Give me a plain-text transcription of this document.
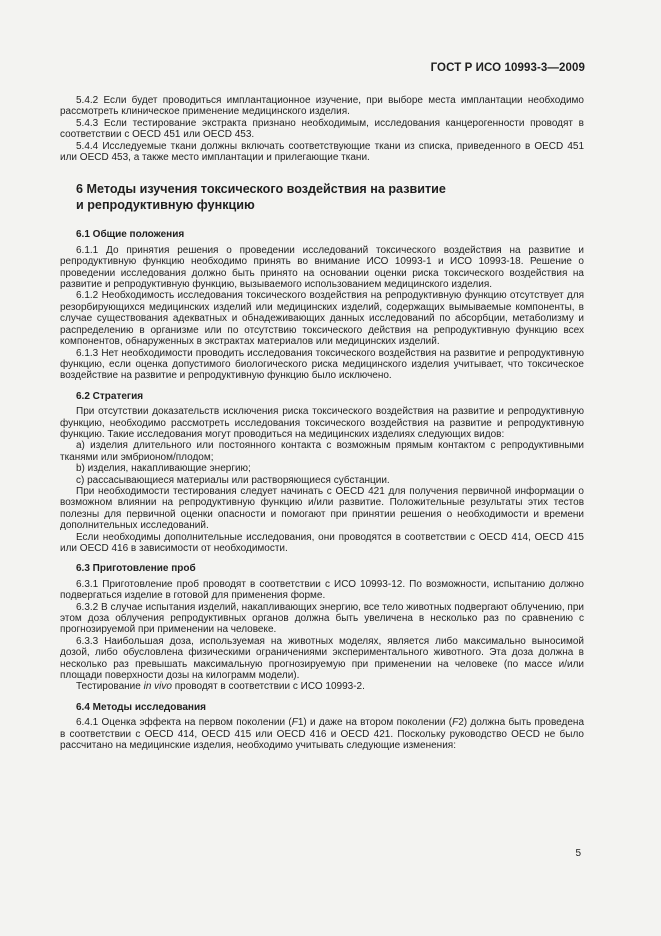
ГОСТ Р ИСО 10993-3—2009

5.4.2 Если будет проводиться имплантационное изучение, при выборе места имплантации необходимо рассмотреть клиническое применение медицинского изделия.

5.4.3 Если тестирование экстракта признано необходимым, исследования канцерогенности проводят в соответствии с OECD 451 или OECD 453.

5.4.4 Исследуемые ткани должны включать соответствующие ткани из списка, приведенного в OECD 451 или OECD 453, а также место имплантации и прилегающие ткани.

6 Методы изучения токсического воздействия на развитие
и репродуктивную функцию

6.1 Общие положения

6.1.1 До принятия решения о проведении исследований токсического воздействия на развитие и репродуктивную функцию необходимо принять во внимание ИСО 10993-1 и ИСО 10993-18. Решение о проведении исследования должно быть принято на основании оценки риска токсического воздействия на развитие и репродуктивную функцию, вызываемого использованием медицинского изделия.

6.1.2 Необходимость исследования токсического воздействия на репродуктивную функцию отсутствует для резорбирующихся медицинских изделий или медицинских изделий, содержащих вымываемые компоненты, в случае существования адекватных и обнадеживающих данных исследований по абсорбции, метаболизму и распределению в организме или по отсутствию токсического действия на репродуктивную функцию всех компонентов, обнаруженных в экстрактах материалов или медицинских изделий.

6.1.3 Нет необходимости проводить исследования токсического воздействия на развитие и репродуктивную функцию, если оценка допустимого биологического риска медицинского изделия учитывает, что токсическое воздействие на развитие и репродуктивную функцию было исключено.

6.2 Стратегия

При отсутствии доказательств исключения риска токсического воздействия на развитие и репродуктивную функцию, необходимо рассмотреть исследования токсического воздействия на развитие и репродуктивную функцию. Такие исследования могут проводиться на медицинских изделиях следующих видов:

a) изделия длительного или постоянного контакта с возможным прямым контактом с репродуктивными тканями или эмбрионом/плодом;

b) изделия, накапливающие энергию;

c) рассасывающиеся материалы или растворяющиеся субстанции.

При необходимости тестирования следует начинать с OECD 421 для получения первичной информации о возможном влиянии на репродуктивную функцию и/или развитие. Положительные результаты этих тестов полезны для первичной оценки опасности и помогают при принятии решения о необходимости и времени дополнительных исследований.

Если необходимы дополнительные исследования, они проводятся в соответствии с OECD 414, OECD 415 или OECD 416 в зависимости от необходимости.

6.3 Приготовление проб

6.3.1 Приготовление проб проводят в соответствии с ИСО 10993-12. По возможности, испытанию должно подвергаться изделие в готовой для применения форме.

6.3.2 В случае испытания изделий, накапливающих энергию, все тело животных подвергают облучению, при этом доза облучения репродуктивных органов должна быть увеличена в несколько раз по сравнению с прогнозируемой при применении на человеке.

6.3.3 Наибольшая доза, используемая на животных моделях, является либо максимально выносимой дозой, либо обусловлена физическими ограничениями экспериментального животного. Эта доза должна в несколько раз превышать максимальную прогнозируемую при применении на человеке (по массе и/или площади поверхности дозы на килограмм модели).

Тестирование in vivo проводят в соответствии с ИСО 10993-2.

6.4 Методы исследования

6.4.1 Оценка эффекта на первом поколении (F1) и даже на втором поколении (F2) должна быть проведена в соответствии с OECD 414, OECD 415 или OECD 416 и OECD 421. Поскольку руководство OECD не было рассчитано на медицинские изделия, необходимо учитывать следующие изменения:

5
